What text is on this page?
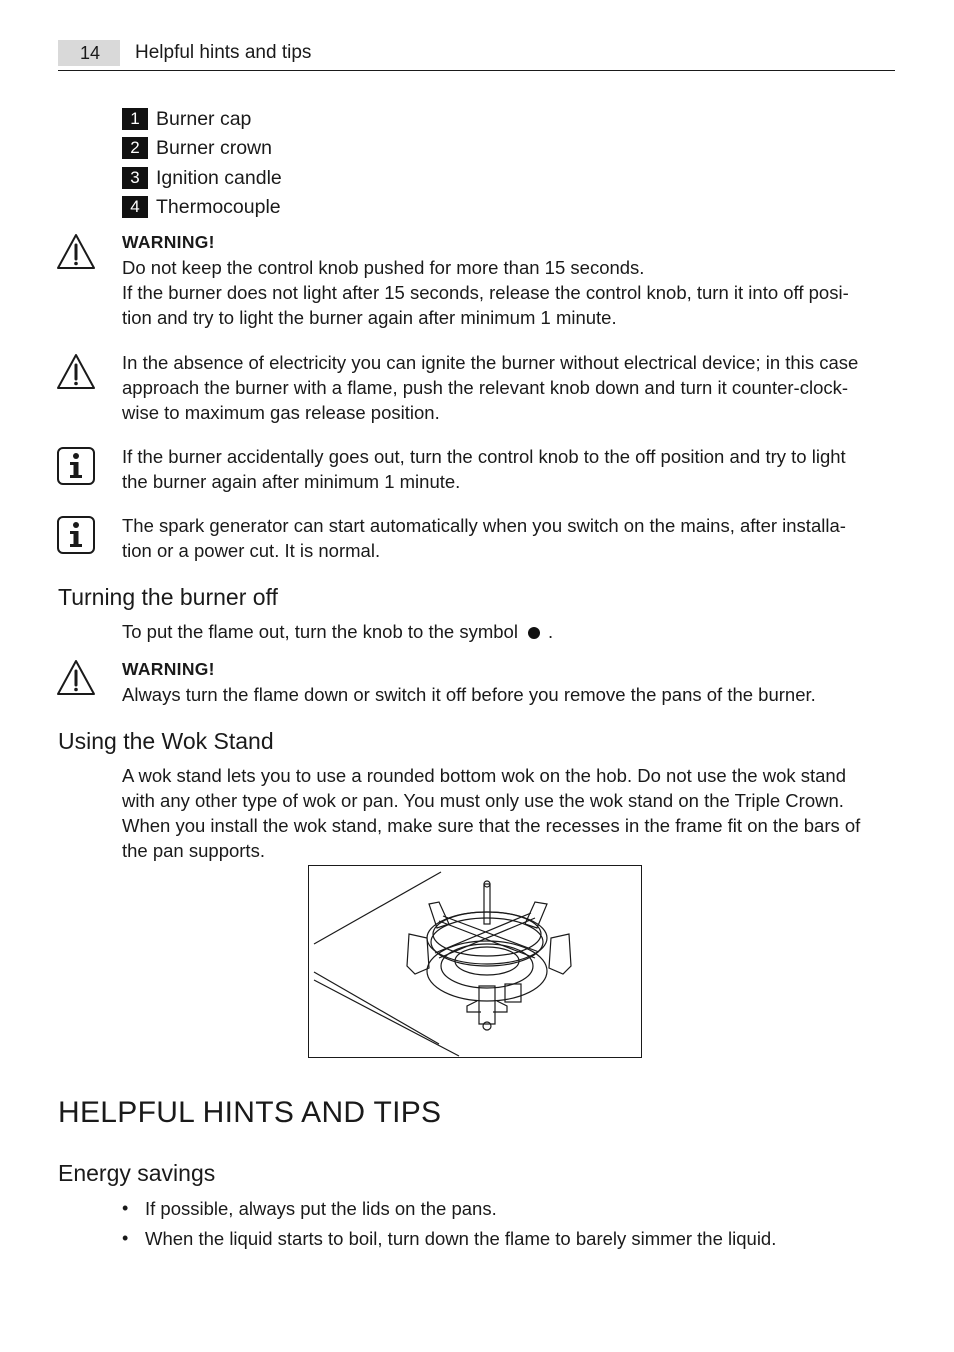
14	Helpful hints and tips
1 Burner cap
2 Burner crown
3 Ignition candle
4 Thermocouple
WARNING!
Do not keep the control knob pushed for more than 15 seconds.
If the burner does not light after 15 seconds, release the control knob, turn it into off posi-
tion and try to light the burner again after minimum 1 minute.
In the absence of electricity you can ignite the burner without electrical device; in this case
approach the burner with a flame, push the relevant knob down and turn it counter-clock-
wise to maximum gas release position.
If the burner accidentally goes out, turn the control knob to the off position and try to light
the burner again after minimum 1 minute.
The spark generator can start automatically when you switch on the mains, after installa-
tion or a power cut. It is normal.
Turning the burner off
To put the flame out, turn the knob to the symbol .
WARNING!
Always turn the flame down or switch it off before you remove the pans of the burner.
Using the Wok Stand
A wok stand lets you to use a rounded bottom wok on the hob. Do not use the wok stand
with any other type of wok or pan. You must only use the wok stand on the Triple Crown.
When you install the wok stand, make sure that the recesses in the frame fit on the bars of
the pan supports.
HELPFUL HINTS AND TIPS
Energy savings
• If possible, always put the lids on the pans.
• When the liquid starts to boil, turn down the flame to barely simmer the liquid.
